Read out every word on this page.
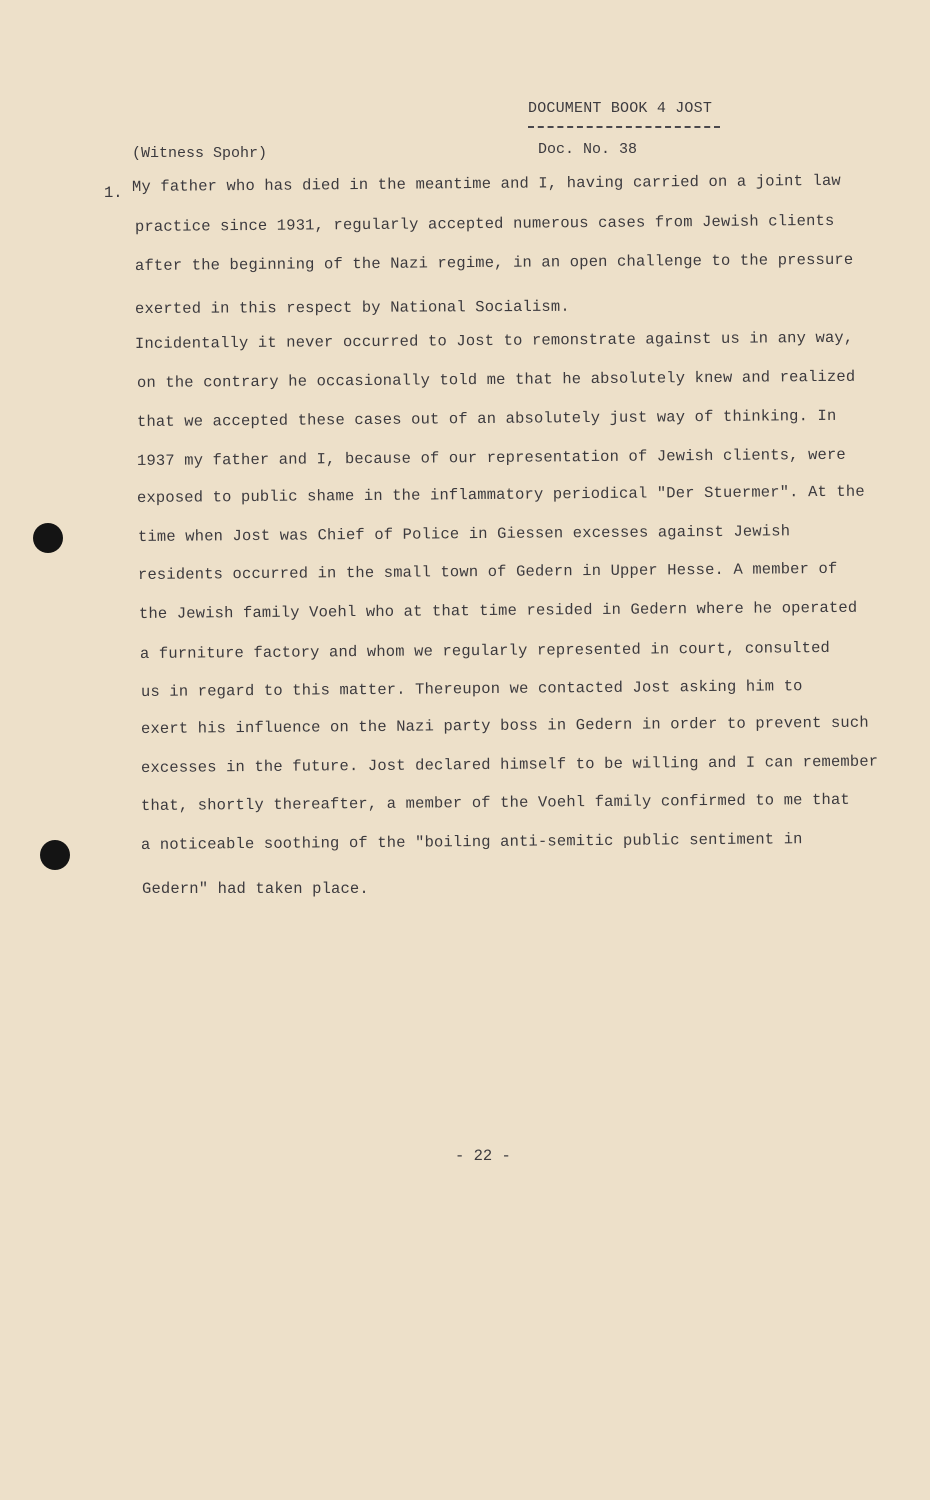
DOCUMENT BOOK 4 JOST
(Witness Spohr)	Doc. No. 38
1. My father who has died in the meantime and I, having carried on a joint law
practice since 1931, regularly accepted numerous cases from Jewish clients
after the beginning of the Nazi regime, in an open challenge to the pressure
exerted in this respect by National Socialism.
Incidentally it never occurred to Jost to remonstrate against us in any way,
on the contrary he occasionally told me that he absolutely knew and realized
that we accepted these cases out of an absolutely just way of thinking. In
1937 my father and I, because of our representation of Jewish clients, were
exposed to public shame in the inflammatory periodical "Der Stuermer". At the
time when Jost was Chief of Police in Giessen excesses against Jewish
residents occurred in the small town of Gedern in Upper Hesse. A member of
the Jewish family Voehl who at that time resided in Gedern where he operated
a furniture factory and whom we regularly represented in court, consulted
us in regard to this matter. Thereupon we contacted Jost asking him to
exert his influence on the Nazi party boss in Gedern in order to prevent such
excesses in the future. Jost declared himself to be willing and I can remember
that, shortly thereafter, a member of the Voehl family confirmed to me that
a noticeable soothing of the "boiling anti-semitic public sentiment in
Gedern" had taken place.
- 22 -
